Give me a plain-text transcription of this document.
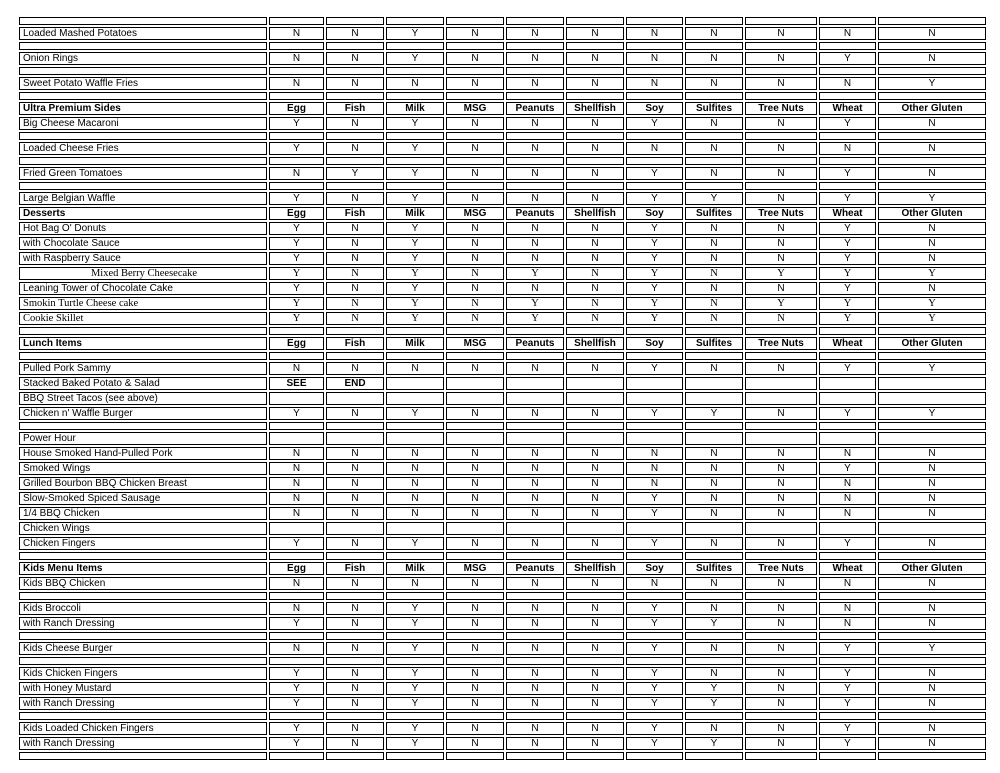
Loaded Mashed Potatoes	N	N	Y	N	N	N	N	N	N	N	N

Onion Rings	N	N	Y	N	N	N	N	N	N	Y	N

Sweet Potato Waffle Fries	N	N	N	N	N	N	N	N	N	N	Y

Ultra Premium Sides	Egg	Fish	Milk	MSG	Peanuts	Shellfish	Soy	Sulfites	Tree Nuts	Wheat	Other Gluten
Big Cheese Macaroni	Y	N	Y	N	N	N	Y	N	N	Y	N

Loaded Cheese Fries	Y	N	Y	N	N	N	N	N	N	N	N

Fried Green Tomatoes	N	Y	Y	N	N	N	Y	N	N	Y	N

Large Belgian Waffle	Y	N	Y	N	N	N	Y	Y	N	Y	Y
Desserts	Egg	Fish	Milk	MSG	Peanuts	Shellfish	Soy	Sulfites	Tree Nuts	Wheat	Other Gluten
Hot Bag O' Donuts	Y	N	Y	N	N	N	Y	N	N	Y	N
with Chocolate Sauce	Y	N	Y	N	N	N	Y	N	N	Y	N
with Raspberry Sauce	Y	N	Y	N	N	N	Y	N	N	Y	N
Mixed Berry Cheesecake	Y	N	Y	N	Y	N	Y	N	Y	Y	Y
Leaning Tower of Chocolate Cake	Y	N	Y	N	N	N	Y	N	N	Y	N
Smokin Turtle Cheese cake	Y	N	Y	N	Y	N	Y	N	Y	Y	Y
Cookie Skillet	Y	N	Y	N	Y	N	Y	N	N	Y	Y

Lunch Items	Egg	Fish	Milk	MSG	Peanuts	Shellfish	Soy	Sulfites	Tree Nuts	Wheat	Other Gluten

Pulled Pork Sammy	N	N	N	N	N	N	Y	N	N	Y	Y
Stacked Baked Potato & Salad	SEE	END									
BBQ Street Tacos (see above)											
Chicken n' Waffle Burger	Y	N	Y	N	N	N	Y	Y	N	Y	Y

Power Hour											
House Smoked Hand-Pulled Pork	N	N	N	N	N	N	N	N	N	N	N
Smoked Wings	N	N	N	N	N	N	N	N	N	Y	N
Grilled Bourbon BBQ Chicken Breast	N	N	N	N	N	N	N	N	N	N	N
Slow-Smoked Spiced Sausage	N	N	N	N	N	N	Y	N	N	N	N
1/4 BBQ Chicken	N	N	N	N	N	N	Y	N	N	N	N
Chicken Wings											
Chicken Fingers	Y	N	Y	N	N	N	Y	N	N	Y	N

Kids Menu Items	Egg	Fish	Milk	MSG	Peanuts	Shellfish	Soy	Sulfites	Tree Nuts	Wheat	Other Gluten
Kids BBQ Chicken	N	N	N	N	N	N	N	N	N	N	N

Kids Broccoli	N	N	Y	N	N	N	Y	N	N	N	N
with Ranch Dressing	Y	N	Y	N	N	N	Y	Y	N	N	N

Kids Cheese Burger	N	N	Y	N	N	N	Y	N	N	Y	Y

Kids Chicken Fingers	Y	N	Y	N	N	N	Y	N	N	Y	N
with Honey Mustard	Y	N	Y	N	N	N	Y	Y	N	Y	N
with Ranch Dressing	Y	N	Y	N	N	N	Y	Y	N	Y	N

Kids Loaded Chicken Fingers	Y	N	Y	N	N	N	Y	N	N	Y	N
with Ranch Dressing	Y	N	Y	N	N	N	Y	Y	N	Y	N
